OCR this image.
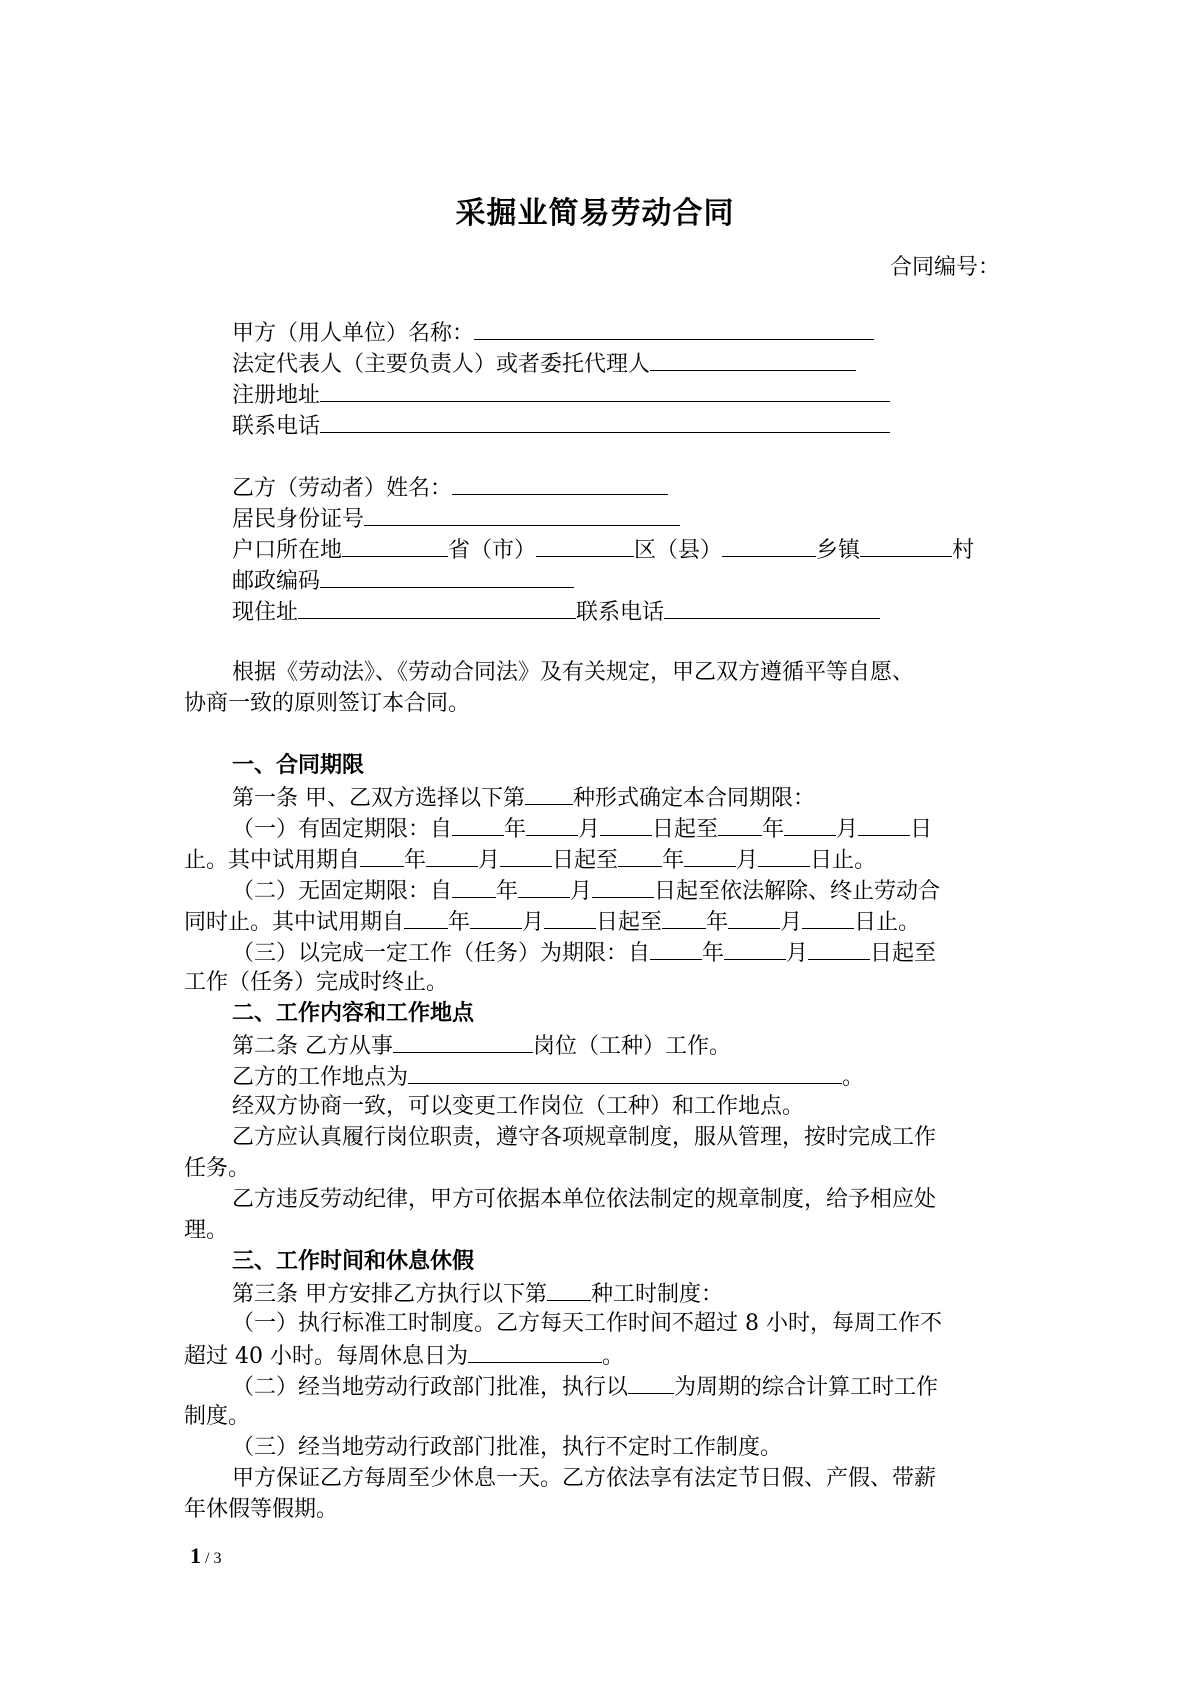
采掘业简易劳动合同
合同编号：
甲方（用人单位）名称：
法定代表人（主要负责人）或者委托代理人
注册地址
联系电话
乙方（劳动者）姓名：
居民身份证号
户口所在地	省（市）	区（县）	乡镇	村
邮政编码
现住址	联系电话
根据《劳动法》、《劳动合同法》及有关规定，甲乙双方遵循平等自愿、
协商一致的原则签订本合同。
一、合同期限
第一条 甲、乙双方选择以下第 种形式确定本合同期限：
（一）有固定期限：自 年 月 日起至 年 月 日
止。其中试用期自 年 月 日起至 年 月 日止。
（二）无固定期限：自 年 月	日起至依法解除、终止劳动合
同时止。其中试用期自 年 月 日起至 年 月 日止。
（三）以完成一定工作（任务）为期限：自 年	月	日起至
工作（任务）完成时终止。
二、工作内容和工作地点
第二条 乙方从事	岗位（工种）工作。
乙方的工作地点为	。
经双方协商一致，可以变更工作岗位（工种）和工作地点。
乙方应认真履行岗位职责，遵守各项规章制度，服从管理，按时完成工作
任务。
乙方违反劳动纪律，甲方可依据本单位依法制定的规章制度，给予相应处
理。
三、工作时间和休息休假
第三条 甲方安排乙方执行以下第 种工时制度：
（一）执行标准工时制度。乙方每天工作时间不超过 8 小时，每周工作不
超过 40 小时。每周休息日为	。
（二）经当地劳动行政部门批准，执行以 为周期的综合计算工时工作
制度。
（三）经当地劳动行政部门批准，执行不定时工作制度。
甲方保证乙方每周至少休息一天。乙方依法享有法定节日假、产假、带薪
年休假等假期。
1 / 3
